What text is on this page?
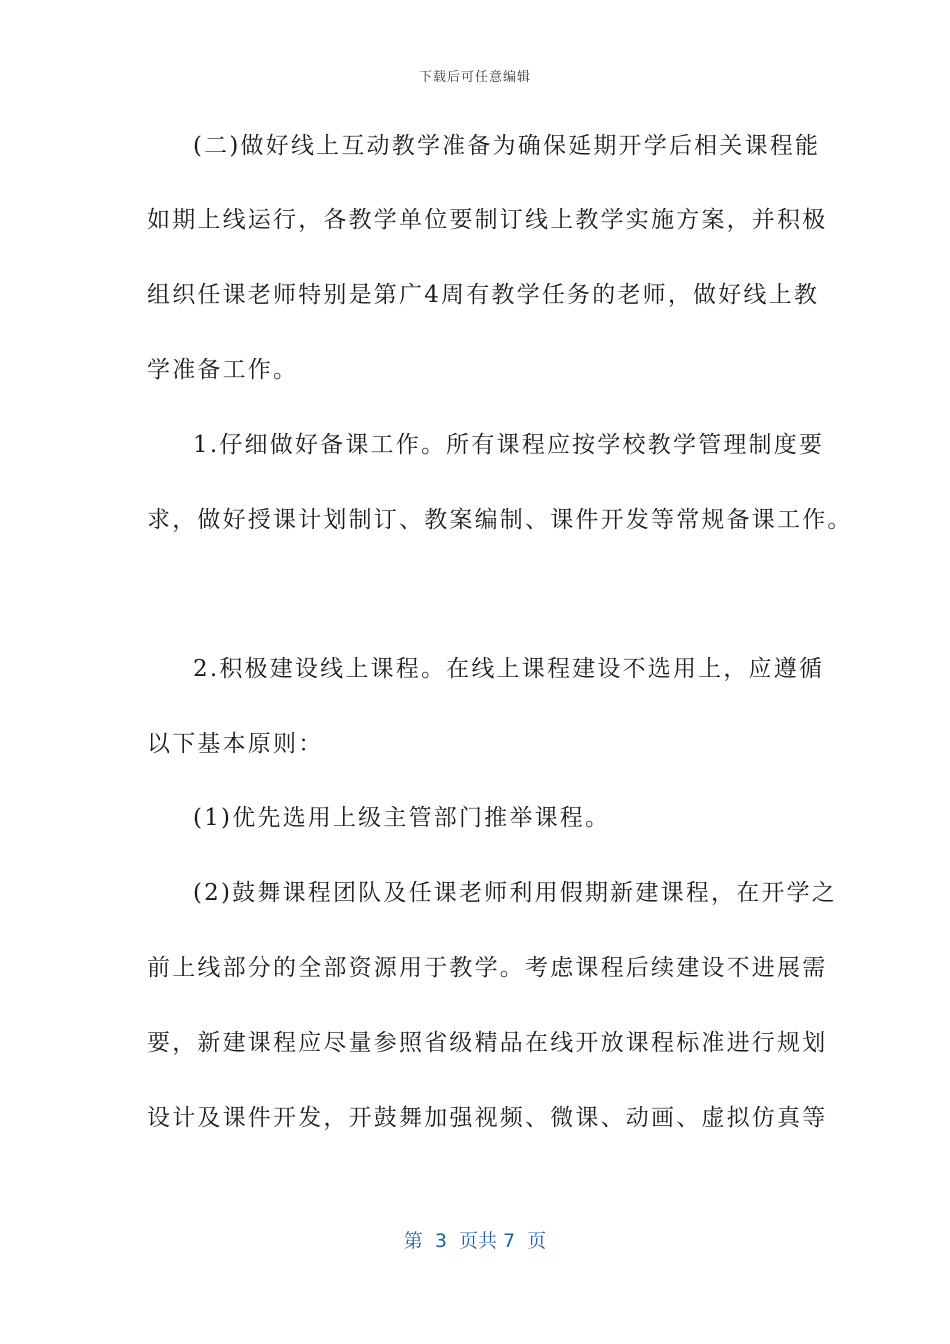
下载后可任意编辑
(二)做好线上互动教学准备为确保延期开学后相关课程能
如期上线运行，各教学单位要制订线上教学实施方案，并积极
组织任课老师特别是第广4周有教学任务的老师，做好线上教
学准备工作。
1.仔细做好备课工作。所有课程应按学校教学管理制度要
求，做好授课计划制订、教案编制、课件开发等常规备课工作。
2.积极建设线上课程。在线上课程建设不选用上，应遵循
以下基本原则：
(1)优先选用上级主管部门推举课程。
(2)鼓舞课程团队及任课老师利用假期新建课程，在开学之
前上线部分的全部资源用于教学。考虑课程后续建设不进展需
要，新建课程应尽量参照省级精品在线开放课程标准进行规划
设计及课件开发，开鼓舞加强视频、微课、动画、虚拟仿真等
第  3  页共 7  页
